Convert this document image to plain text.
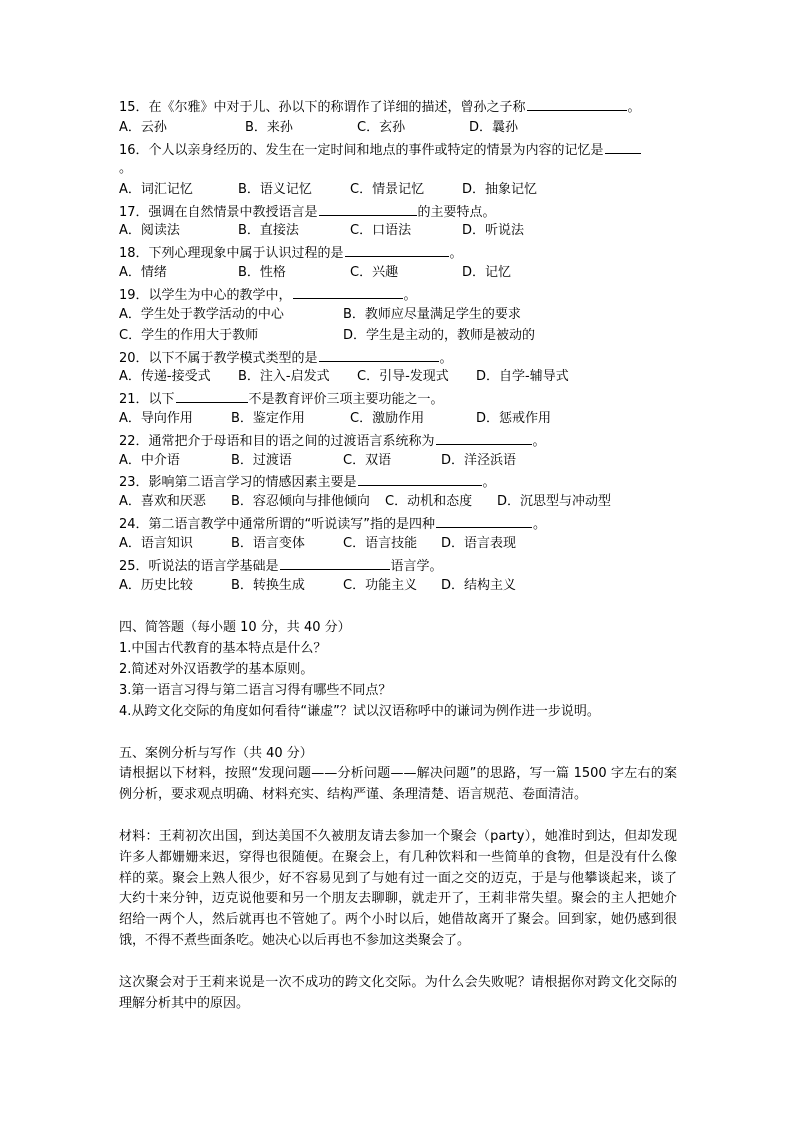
15．在《尔雅》中对于儿、孙以下的称谓作了详细的描述，曾孙之子称	。
A．云孙	B．来孙	C．玄孙	D．曩孙
16．个人以亲身经历的、发生在一定时间和地点的事件或特定的情景为内容的记忆是
。
A．词汇记忆	B．语义记忆	C．情景记忆	D．抽象记忆
17．强调在自然情景中教授语言是	的主要特点。
A．阅读法	B．直接法	C．口语法	D．听说法
18．下列心理现象中属于认识过程的是	。
A．情绪	B．性格	C．兴趣	D．记忆
19．以学生为中心的教学中，	。
A．学生处于教学活动的中心	B．教师应尽量满足学生的要求
C．学生的作用大于教师	D．学生是主动的，教师是被动的
20．以下不属于教学模式类型的是	。
A．传递-接受式 B．注入-启发式 C．引导-发现式 D．自学-辅导式
21．以下	不是教育评价三项主要功能之一。
A．导向作用	B．鉴定作用	C．激励作用	D．惩戒作用
22．通常把介于母语和目的语之间的过渡语言系统称为	。
A．中介语	B．过渡语	C．双语	D．洋泾浜语
23．影响第二语言学习的情感因素主要是	。
A．喜欢和厌恶 B．容忍倾向与排他倾向 C．动机和态度 D．沉思型与冲动型
24．第二语言教学中通常所谓的“听说读写”指的是四种	。
A．语言知识	B．语言变体	C．语言技能 D．语言表现
25．听说法的语言学基础是	语言学。
A．历史比较	B．转换生成	C．功能主义 D．结构主义
四、简答题（每小题 10 分，共 40 分）
1.中国古代教育的基本特点是什么？
2.简述对外汉语教学的基本原则。
3.第一语言习得与第二语言习得有哪些不同点？
4.从跨文化交际的角度如何看待“谦虚”？试以汉语称呼中的谦词为例作进一步说明。
五、案例分析与写作（共 40 分）
请根据以下材料，按照“发现问题——分析问题——解决问题”的思路，写一篇 1500 字左右的案例分析，要求观点明确、材料充实、结构严谨、条理清楚、语言规范、卷面清洁。
材料：王莉初次出国，到达美国不久被朋友请去参加一个聚会（party），她准时到达，但却发现许多人都姗姗来迟，穿得也很随便。在聚会上，有几种饮料和一些简单的食物，但是没有什么像样的菜。聚会上熟人很少，好不容易见到了与她有过一面之交的迈克，于是与他攀谈起来，谈了大约十来分钟，迈克说他要和另一个朋友去聊聊，就走开了，王莉非常失望。聚会的主人把她介绍给一两个人，然后就再也不管她了。两个小时以后，她借故离开了聚会。回到家，她仍感到很饿，不得不煮些面条吃。她决心以后再也不参加这类聚会了。
这次聚会对于王莉来说是一次不成功的跨文化交际。为什么会失败呢？请根据你对跨文化交际的理解分析其中的原因。
